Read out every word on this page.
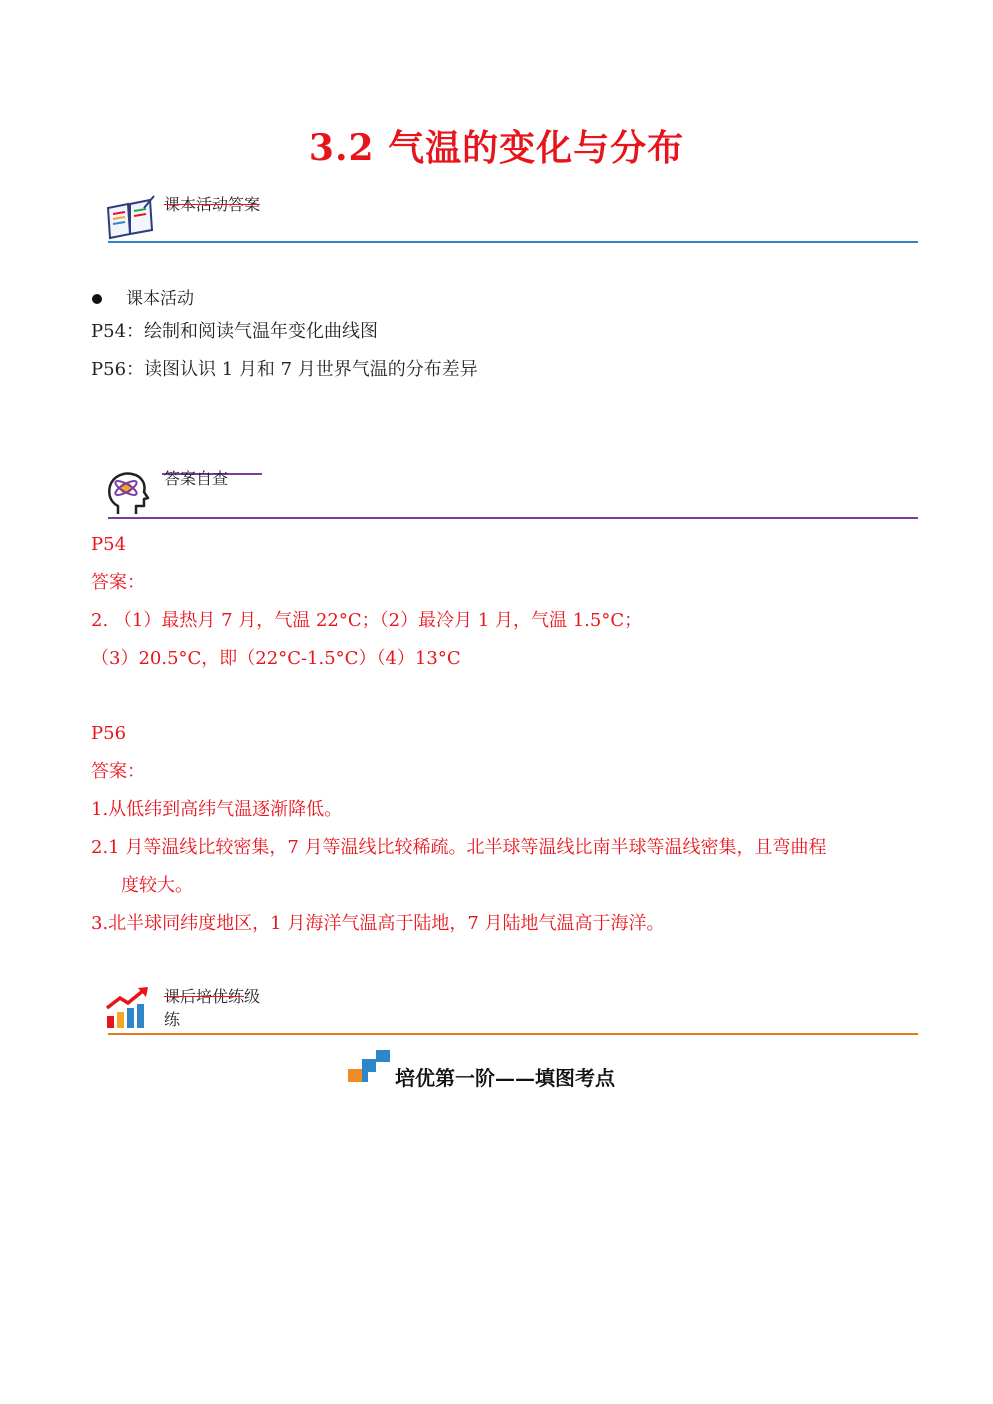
3.2 气温的变化与分布
课本活动答案
课本活动
P54：绘制和阅读气温年变化曲线图
P56：读图认识 1 月和 7 月世界气温的分布差异
答案自查
P54
答案：
2. （1）最热月 7 月，气温 22°C；（2）最冷月 1 月，气温 1.5°C；
（3）20.5°C，即（22°C-1.5°C）（4）13°C
P56
答案：
1.从低纬到高纬气温逐渐降低。
2.1 月等温线比较密集，7 月等温线比较稀疏。北半球等温线比南半球等温线密集，且弯曲程
度较大。
3.北半球同纬度地区，1 月海洋气温高于陆地，7 月陆地气温高于海洋。
课后培优练级
练
培优第一阶——填图考点
